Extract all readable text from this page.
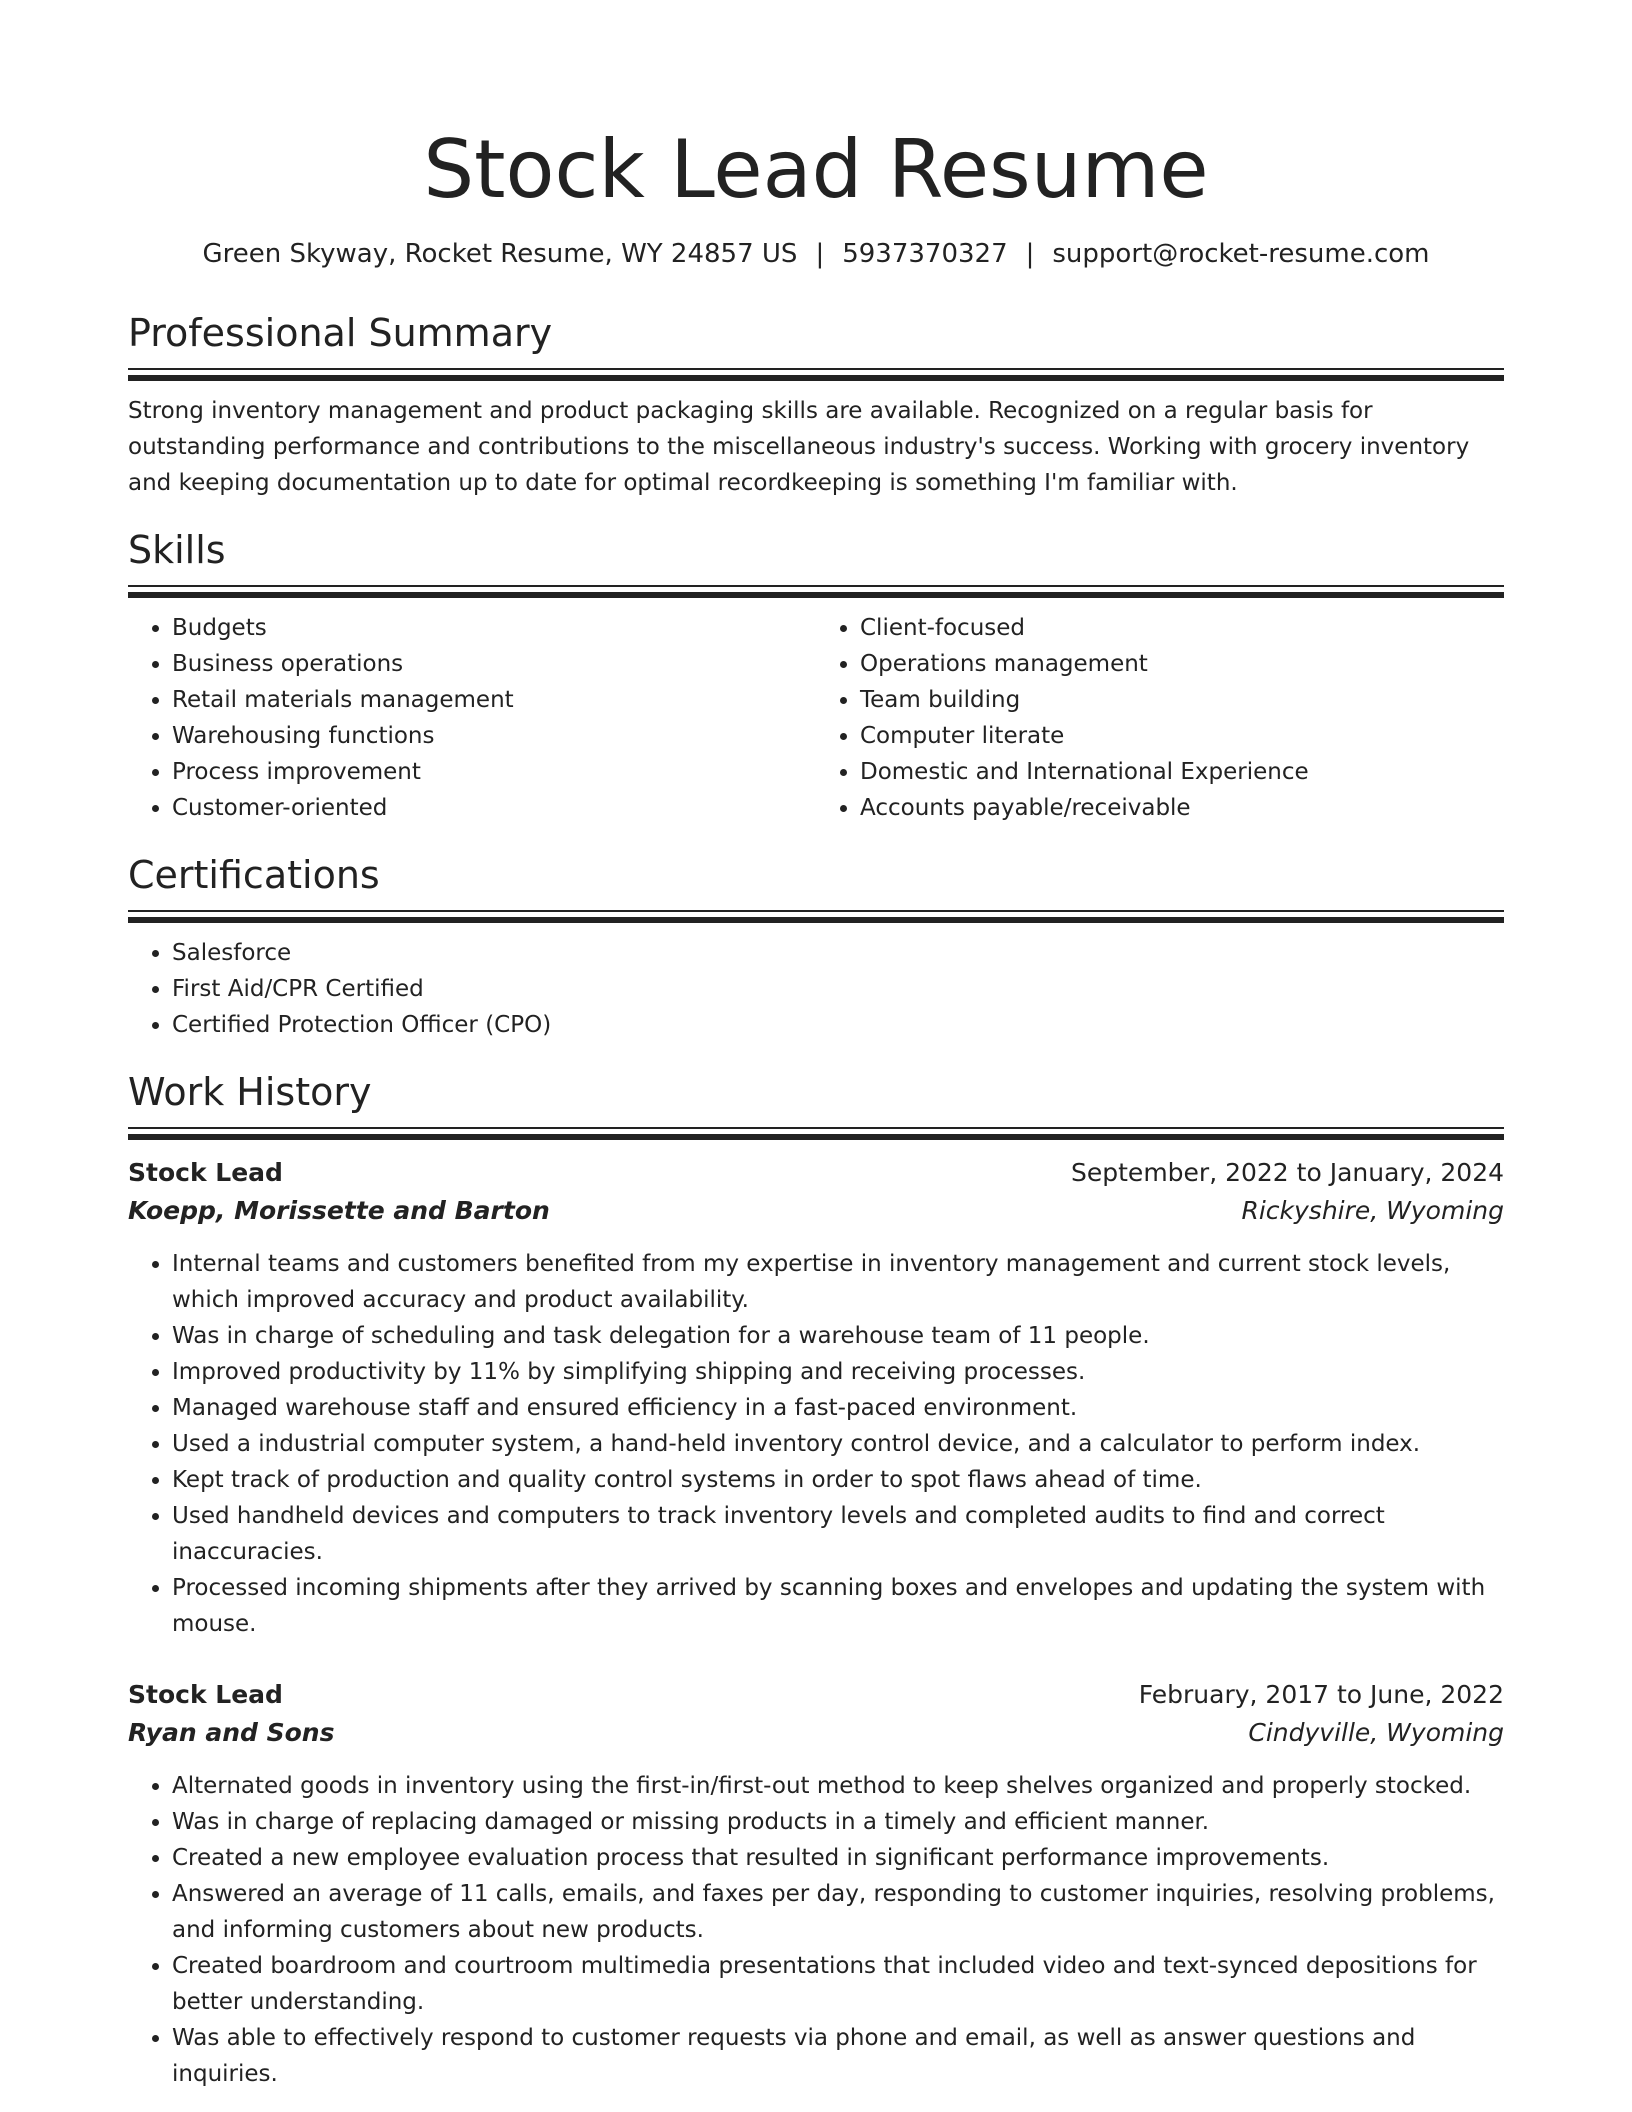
Stock Lead Resume
Green Skyway, Rocket Resume, WY 24857 US | 5937370327 | support@rocket-resume.com
Professional Summary
Strong inventory management and product packaging skills are available. Recognized on a regular basis for outstanding performance and contributions to the miscellaneous industry's success. Working with grocery inventory and keeping documentation up to date for optimal recordkeeping is something I'm familiar with.
Skills
• Budgets
• Business operations
• Retail materials management
• Warehousing functions
• Process improvement
• Customer-oriented
• Client-focused
• Operations management
• Team building
• Computer literate
• Domestic and International Experience
• Accounts payable/receivable
Certifications
• Salesforce
• First Aid/CPR Certified
• Certified Protection Officer (CPO)
Work History
Stock Lead	September, 2022 to January, 2024
Koepp, Morissette and Barton	Rickyshire, Wyoming
• Internal teams and customers benefited from my expertise in inventory management and current stock levels, which improved accuracy and product availability.
• Was in charge of scheduling and task delegation for a warehouse team of 11 people.
• Improved productivity by 11% by simplifying shipping and receiving processes.
• Managed warehouse staff and ensured efficiency in a fast-paced environment.
• Used a industrial computer system, a hand-held inventory control device, and a calculator to perform index.
• Kept track of production and quality control systems in order to spot flaws ahead of time.
• Used handheld devices and computers to track inventory levels and completed audits to find and correct inaccuracies.
• Processed incoming shipments after they arrived by scanning boxes and envelopes and updating the system with mouse.
Stock Lead	February, 2017 to June, 2022
Ryan and Sons	Cindyville, Wyoming
• Alternated goods in inventory using the first-in/first-out method to keep shelves organized and properly stocked.
• Was in charge of replacing damaged or missing products in a timely and efficient manner.
• Created a new employee evaluation process that resulted in significant performance improvements.
• Answered an average of 11 calls, emails, and faxes per day, responding to customer inquiries, resolving problems, and informing customers about new products.
• Created boardroom and courtroom multimedia presentations that included video and text-synced depositions for better understanding.
• Was able to effectively respond to customer requests via phone and email, as well as answer questions and inquiries.
